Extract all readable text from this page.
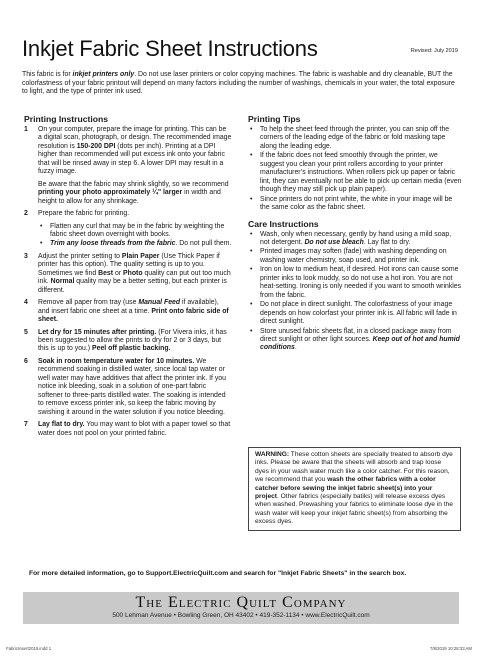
Inkjet Fabric Sheet Instructions	Revised: July 2019
This fabric is for inkjet printers only. Do not use laser printers or color copying machines. The fabric is washable and dry cleanable, BUT the colorfastness of your fabric printout will depend on many factors including the number of washings, chemicals in your water, the total exposure to light, and the type of printer ink used.
Printing Instructions
1 On your computer, prepare the image for printing. This can be a digital scan, photograph, or design. The recommended image resolution is 150-200 DPI (dots per inch). Printing at a DPI higher than recommended will put excess ink onto your fabric that will be rinsed away in step 6. A lower DPI may result in a fuzzy image.

Be aware that the fabric may shrink slightly, so we recommend printing your photo approximately ¼" larger in width and height to allow for any shrinkage.

2 Prepare the fabric for printing.

• Flatten any curl that may be in the fabric by weighting the fabric sheet down overnight with books.
• Trim any loose threads from the fabric. Do not pull them.
3 Adjust the printer setting to Plain Paper (Use Thick Paper if printer has this option). The quality setting is up to you. Sometimes we find Best or Photo quality can put out too much ink. Normal quality may be a better setting, but each printer is different.

4 Remove all paper from tray (use Manual Feed if available), and insert fabric one sheet at a time. Print onto fabric side of sheet.

5 Let dry for 15 minutes after printing. (For Vivera inks, it has been suggested to allow the prints to dry for 2 or 3 days, but this is up to you.) Peel off plastic backing.

6 Soak in room temperature water for 10 minutes. We recommend soaking in distilled water, since local tap water or well water may have additives that affect the printer ink. If you notice ink bleeding, soak in a solution of one-part fabric softener to three-parts distilled water. The soaking is intended to remove excess printer ink, so keep the fabric moving by swishing it around in the water solution if you notice bleeding.

7 Lay flat to dry. You may want to blot with a paper towel so that water does not pool on your printed fabric.

Printing Tips
• To help the sheet feed through the printer, you can snip off the corners of the leading edge of the fabric or fold masking tape along the leading edge.
• If the fabric does not feed smoothly through the printer, we suggest you clean your print rollers according to your printer manufacturer’s instructions. When rollers pick up paper or fabric lint, they can eventually not be able to pick up certain media (even though they may still pick up plain paper).
• Since printers do not print white, the white in your image will be the same color as the fabric sheet.
Care Instructions
• Wash, only when necessary, gently by hand using a mild soap, not detergent. Do not use bleach. Lay flat to dry.
• Printed images may soften (fade) with washing depending on washing water chemistry, soap used, and printer ink.
• Iron on low to medium heat, if desired. Hot irons can cause some printer inks to look muddy, so do not use a hot iron. You are not heat-setting. Ironing is only needed if you want to smooth wrinkles from the fabric.
• Do not place in direct sunlight. The colorfastness of your image depends on how colorfast your printer ink is. All fabric will fade in direct sunlight.
• Store unused fabric sheets flat, in a closed package away from direct sunlight or other light sources. Keep out of hot and humid conditions.
WARNING: These cotton sheets are specially treated to absorb dye inks. Please be aware that the sheets will absorb and trap loose dyes in your wash water much like a color catcher. For this reason, we recommend that you wash the other fabrics with a color catcher before sewing the inkjet fabric sheet(s) into your project. Other fabrics (especially batiks) will release excess dyes when washed. Prewashing your fabrics to eliminate loose dye in the wash water will keep your inkjet fabric sheet(s) from absorbing the excess dyes.
For more detailed information, go to Support.ElectricQuilt.com and search for "Inkjet Fabric Sheets" in the search box.
The Electric Quilt Company
500 Lehman Avenue • Bowling Green, OH 43402 • 419-352-1134 • www.ElectricQuilt.com
FabricInsert2019.indd 1	7/8/2019 10:28:33 AM
